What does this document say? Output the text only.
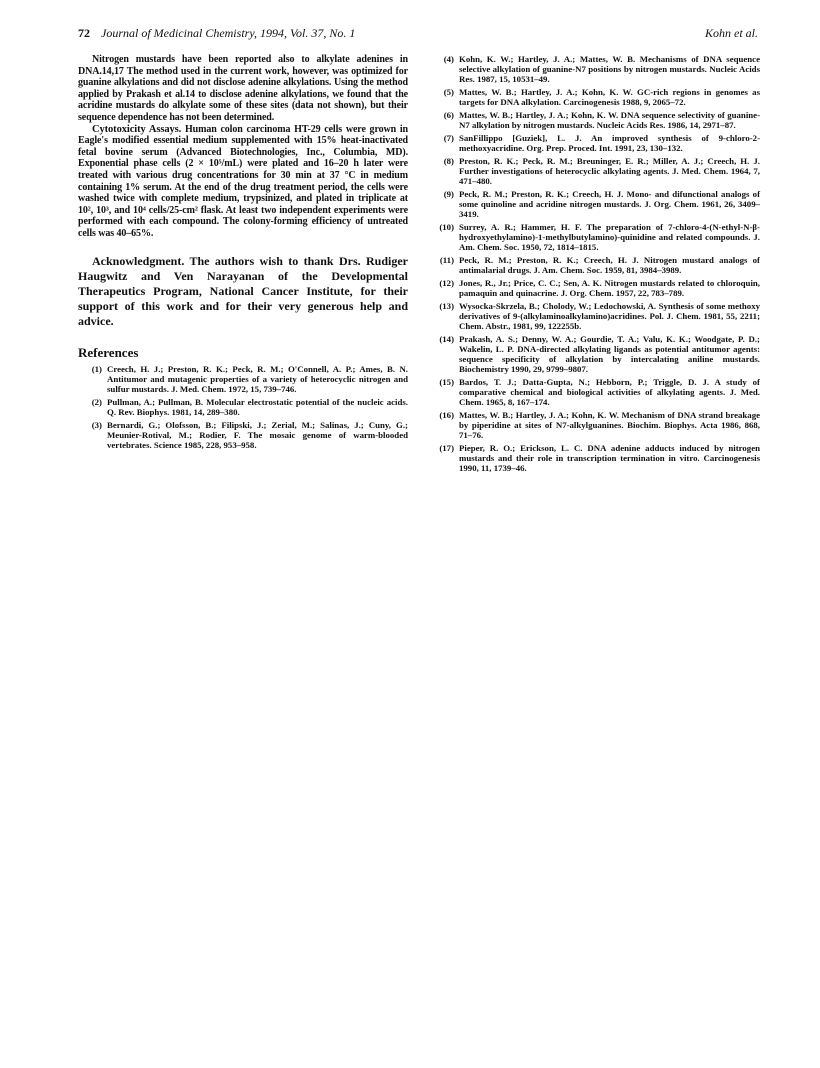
72 Journal of Medicinal Chemistry, 1994, Vol. 37, No. 1	Kohn et al.

Nitrogen mustards have been reported also to alkylate adenines in DNA.14,17 The method used in the current work, however, was optimized for guanine alkylations and did not disclose adenine alkylations. Using the method applied by Prakash et al.14 to disclose adenine alkylations, we found that the acridine mustards do alkylate some of these sites (data not shown), but their sequence dependence has not been determined.

Cytotoxicity Assays. Human colon carcinoma HT-29 cells were grown in Eagle's modified essential medium supplemented with 15% heat-inactivated fetal bovine serum (Advanced Biotechnologies, Inc., Columbia, MD). Exponential phase cells (2 × 10⁵/mL) were plated and 16–20 h later were treated with various drug concentrations for 30 min at 37 °C in medium containing 1% serum. At the end of the drug treatment period, the cells were washed twice with complete medium, trypsinized, and plated in triplicate at 10², 10³, and 10⁴ cells/25-cm² flask. At least two independent experiments were performed with each compound. The colony-forming efficiency of untreated cells was 40–65%.

Acknowledgment. The authors wish to thank Drs. Rudiger Haugwitz and Ven Narayanan of the Developmental Therapeutics Program, National Cancer Institute, for their support of this work and for their very generous help and advice.

References
(1) Creech, H. J.; Preston, R. K.; Peck, R. M.; O'Connell, A. P.; Ames, B. N. Antitumor and mutagenic properties of a variety of heterocyclic nitrogen and sulfur mustards. J. Med. Chem. 1972, 15, 739–746.
(2) Pullman, A.; Pullman, B. Molecular electrostatic potential of the nucleic acids. Q. Rev. Biophys. 1981, 14, 289–380.
(3) Bernardi, G.; Olofsson, B.; Filipski, J.; Zerial, M.; Salinas, J.; Cuny, G.; Meunier-Rotival, M.; Rodier, F. The mosaic genome of warm-blooded vertebrates. Science 1985, 228, 953–958.
(4) Kohn, K. W.; Hartley, J. A.; Mattes, W. B. Mechanisms of DNA sequence selective alkylation of guanine-N7 positions by nitrogen mustards. Nucleic Acids Res. 1987, 15, 10531–49.
(5) Mattes, W. B.; Hartley, J. A.; Kohn, K. W. GC-rich regions in genomes as targets for DNA alkylation. Carcinogenesis 1988, 9, 2065–72.
(6) Mattes, W. B.; Hartley, J. A.; Kohn, K. W. DNA sequence selectivity of guanine-N7 alkylation by nitrogen mustards. Nucleic Acids Res. 1986, 14, 2971–87.
(7) SanFillippo [Guziek], L. J. An improved synthesis of 9-chloro-2-methoxyacridine. Org. Prep. Proced. Int. 1991, 23, 130–132.
(8) Preston, R. K.; Peck, R. M.; Breuninger, E. R.; Miller, A. J.; Creech, H. J. Further investigations of heterocyclic alkylating agents. J. Med. Chem. 1964, 7, 471–480.
(9) Peck, R. M.; Preston, R. K.; Creech, H. J. Mono- and difunctional analogs of some quinoline and acridine nitrogen mustards. J. Org. Chem. 1961, 26, 3409–3419.
(10) Surrey, A. R.; Hammer, H. F. The preparation of 7-chloro-4-(N-ethyl-N-β-hydroxyethylamino)-1-methylbutylamino)-quinidine and related compounds. J. Am. Chem. Soc. 1950, 72, 1814–1815.
(11) Peck, R. M.; Preston, R. K.; Creech, H. J. Nitrogen mustard analogs of antimalarial drugs. J. Am. Chem. Soc. 1959, 81, 3984–3989.
(12) Jones, R., Jr.; Price, C. C.; Sen, A. K. Nitrogen mustards related to chloroquin, pamaquin and quinacrine. J. Org. Chem. 1957, 22, 783–789.
(13) Wysocka-Skrzela, B.; Cholody, W.; Ledochowski, A. Synthesis of some methoxy derivatives of 9-(alkylaminoalkylamino)acridines. Pol. J. Chem. 1981, 55, 2211; Chem. Abstr., 1981, 99, 122255b.
(14) Prakash, A. S.; Denny, W. A.; Gourdie, T. A.; Valu, K. K.; Woodgate, P. D.; Wakelin, L. P. DNA-directed alkylating ligands as potential antitumor agents: sequence specificity of alkylation by intercalating aniline mustards. Biochemistry 1990, 29, 9799–9807.
(15) Bardos, T. J.; Datta-Gupta, N.; Hebborn, P.; Triggle, D. J. A study of comparative chemical and biological activities of alkylating agents. J. Med. Chem. 1965, 8, 167–174.
(16) Mattes, W. B.; Hartley, J. A.; Kohn, K. W. Mechanism of DNA strand breakage by piperidine at sites of N7-alkylguanines. Biochim. Biophys. Acta 1986, 868, 71–76.
(17) Pieper, R. O.; Erickson, L. C. DNA adenine adducts induced by nitrogen mustards and their role in transcription termination in vitro. Carcinogenesis 1990, 11, 1739–46.
